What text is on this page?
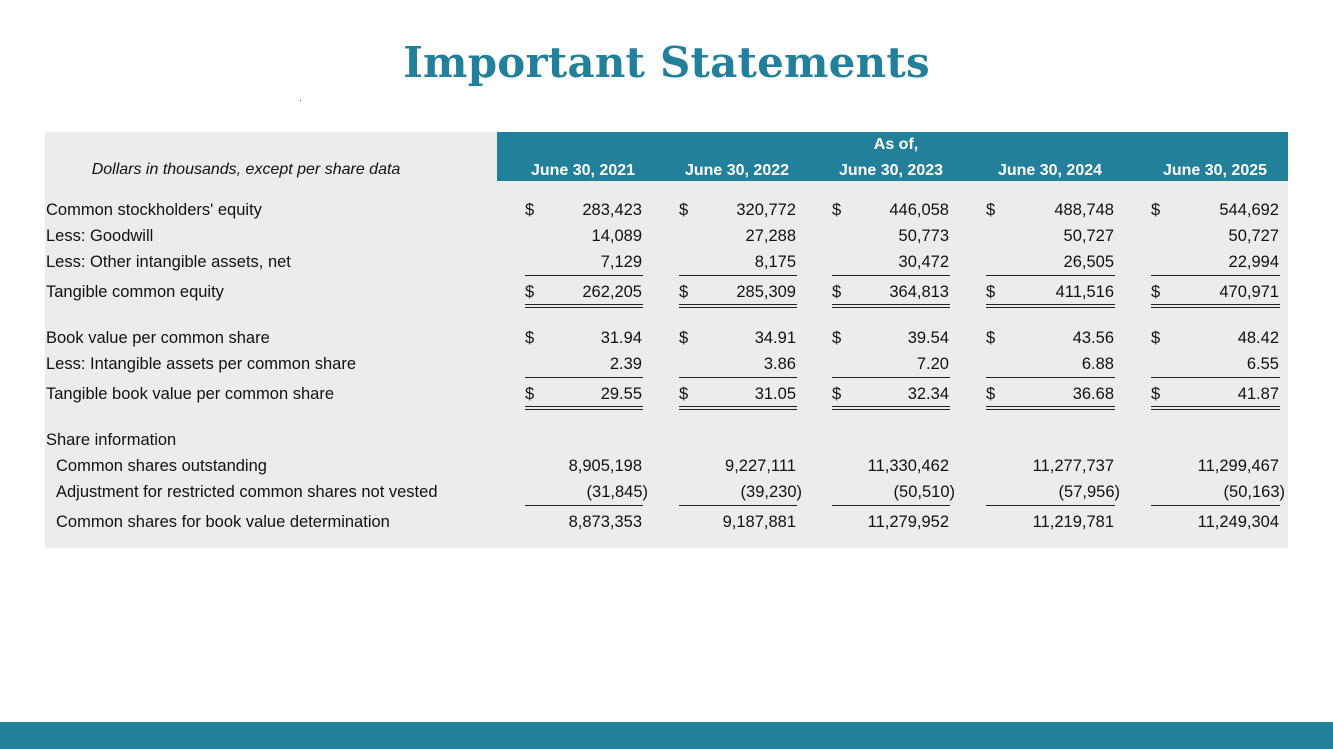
Important Statements
As of,
June 30, 2021	June 30, 2022	June 30, 2023	June 30, 2024	June 30, 2025
Dollars in thousands, except per share data
Common stockholders' equity	$	283,423 $	320,772 $	446,058 $	488,748 $	544,692
Less: Goodwill	14,089	27,288	50,773	50,727	50,727
Less: Other intangible assets, net	7,129	8,175	30,472	26,505	22,994
Tangible common equity	$	262,205 $	285,309 $	364,813 $	411,516 $	470,971
Book value per common share	$	31.94 $	34.91 $	39.54 $	43.56 $	48.42
Less: Intangible assets per common share	2.39	3.86	7.20	6.88	6.55
Tangible book value per common share	$	29.55 $	31.05 $	32.34 $	36.68 $	41.87
Share information
Common shares outstanding	8,905,198	9,227,111	11,330,462	11,277,737	11,299,467
Adjustment for restricted common shares not vested	(31,845)	(39,230)	(50,510)	(57,956)	(50,163)
Common shares for book value determination	8,873,353	9,187,881	11,279,952	11,219,781	11,249,304
